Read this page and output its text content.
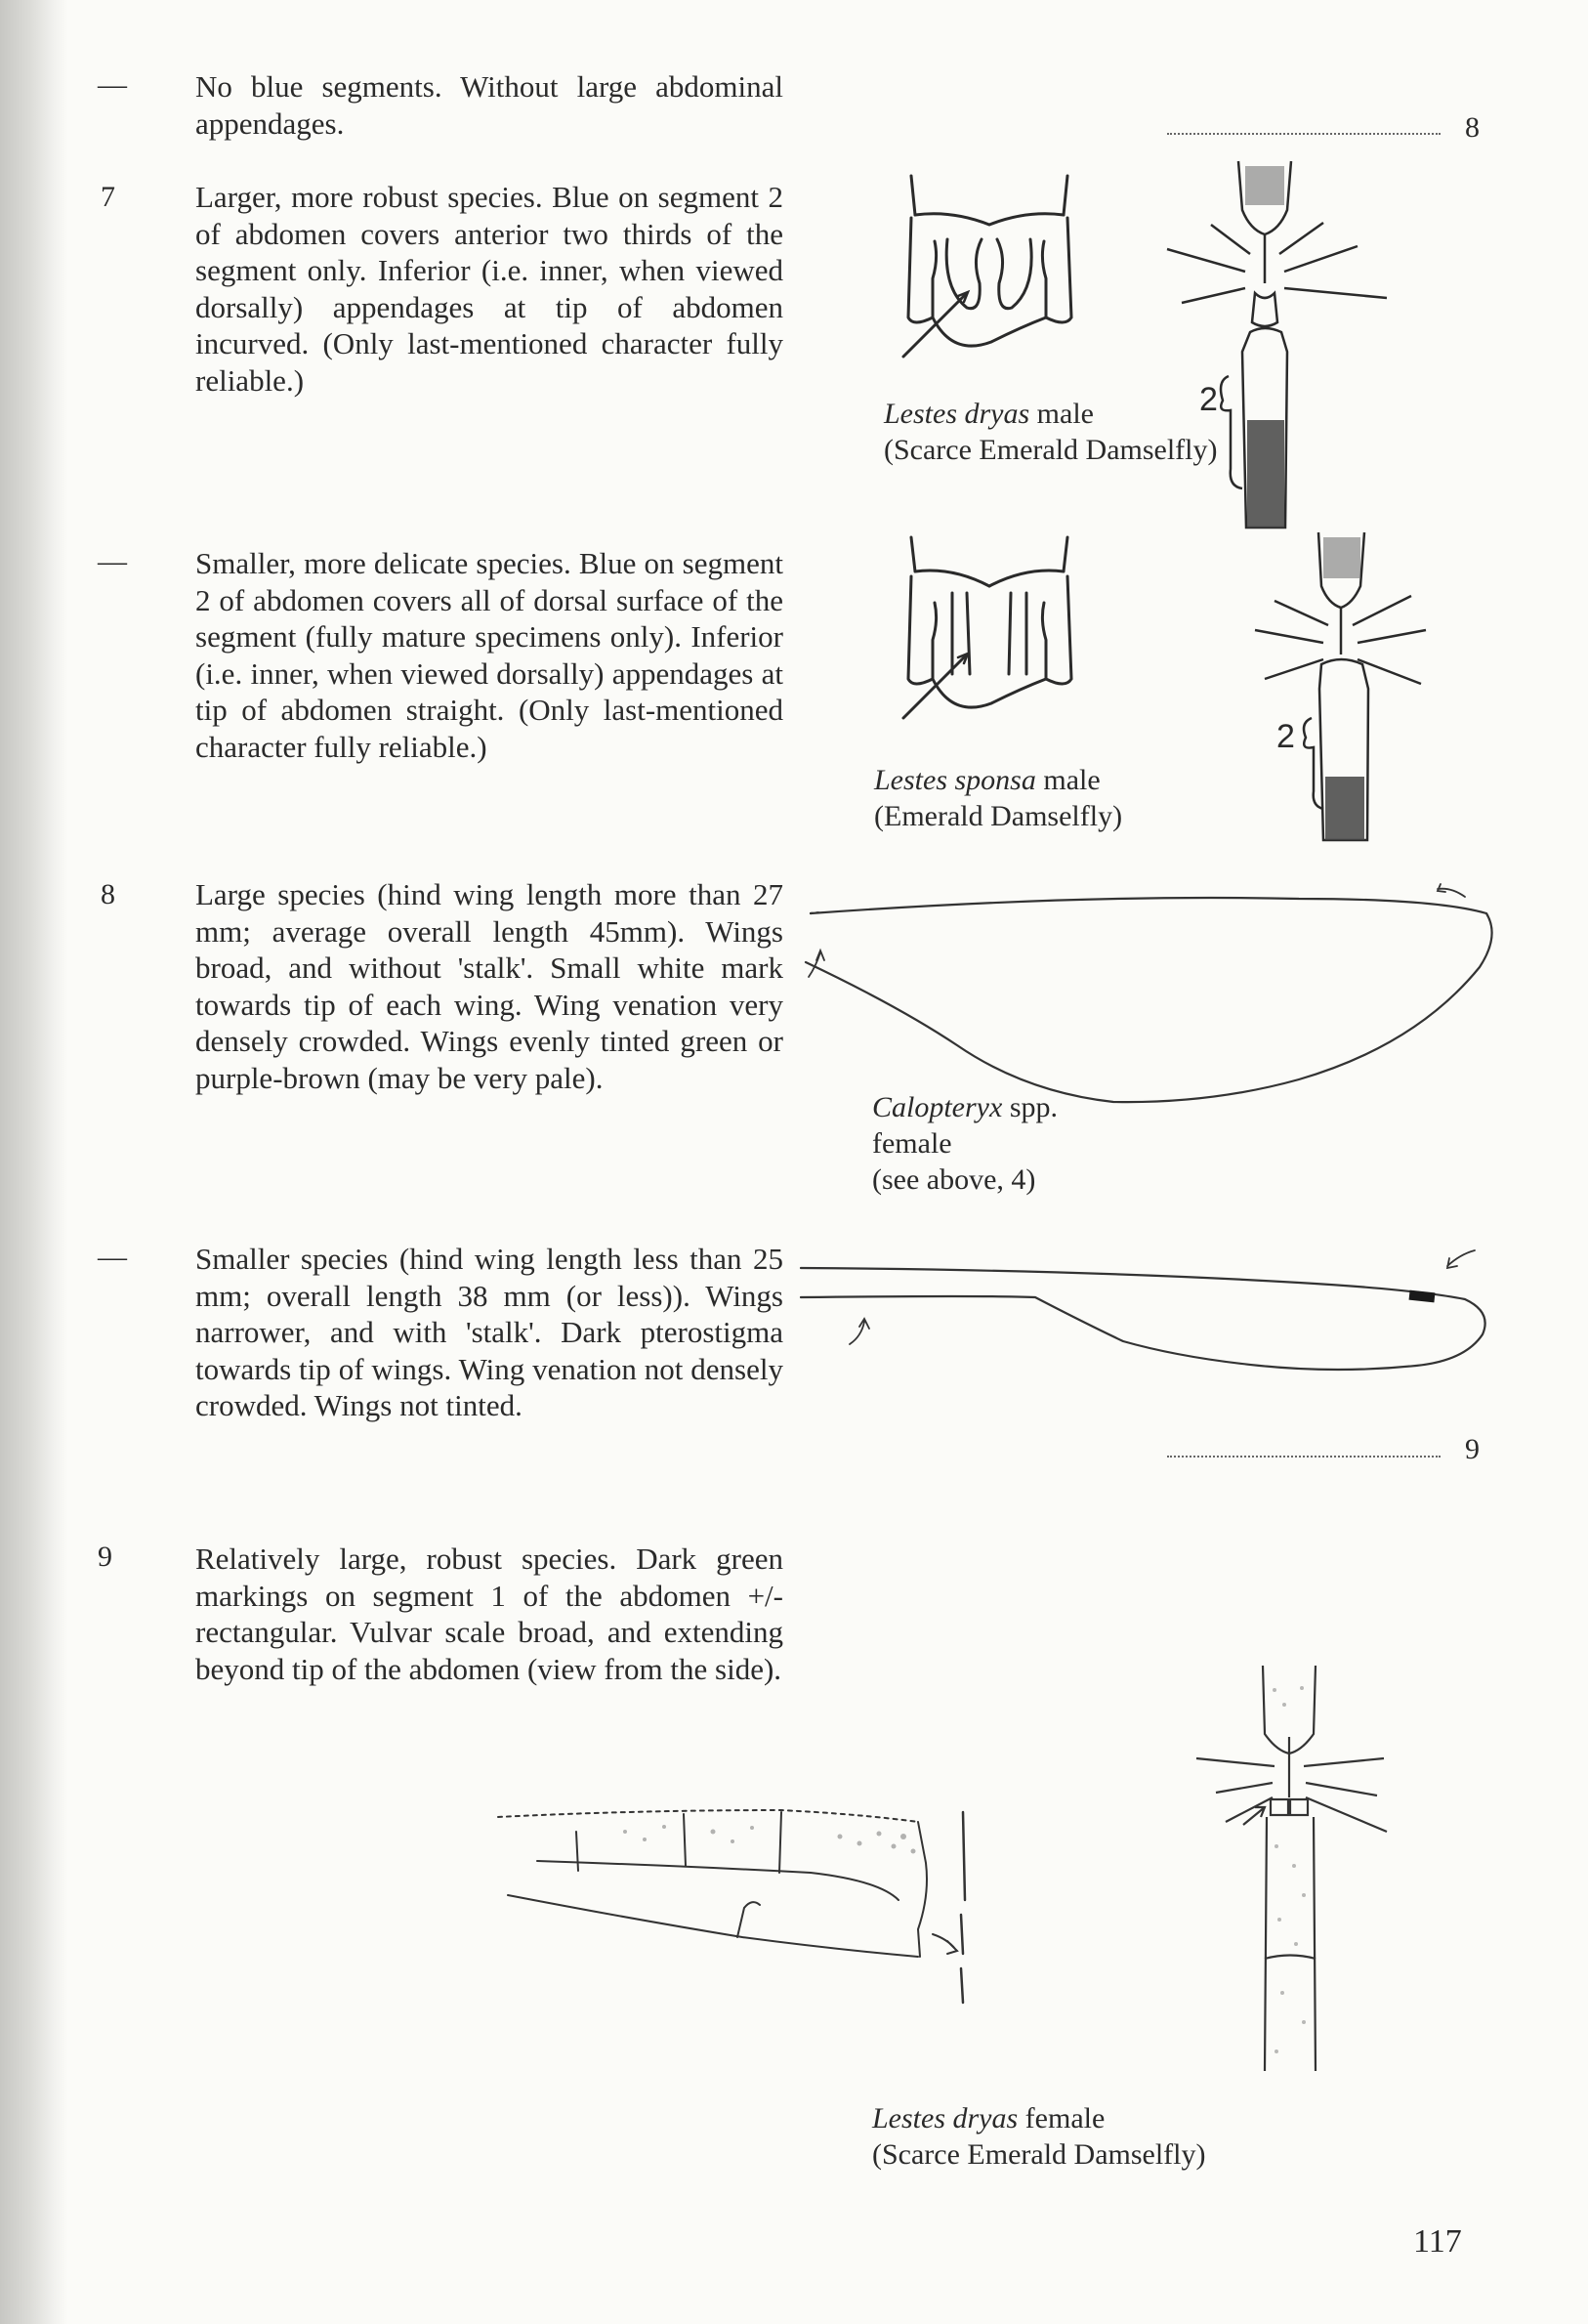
— No blue segments. Without large abdominal appendages.	8
7	Larger, more robust species. Blue on segment 2 of abdomen covers anterior two thirds of the segment only. Inferior (i.e. inner, when viewed dorsally) appendages at tip of abdomen incurved. (Only last-mentioned character fully reliable.)

Lestes dryas male
(Scarce Emerald Damselfly)
2
— Smaller, more delicate species. Blue on segment 2 of abdomen covers all of dorsal surface of the segment (fully mature specimens only). Inferior (i.e. inner, when viewed dorsally) appendages at tip of abdomen straight. (Only last-mentioned character fully reliable.)

Lestes sponsa male
(Emerald Damselfly)
2
8	Large species (hind wing length more than 27 mm; average overall length 45mm). Wings broad, and without 'stalk'. Small white mark towards tip of each wing. Wing venation very densely crowded. Wings evenly tinted green or purple-brown (may be very pale).

Calopteryx spp.
female
(see above, 4)
— Smaller species (hind wing length less than 25 mm; overall length 38 mm (or less)). Wings narrower, and with 'stalk'. Dark pterostigma towards tip of wings. Wing venation not densely crowded. Wings not tinted.

9
9	Relatively large, robust species. Dark green markings on segment 1 of the abdomen +/- rectangular. Vulvar scale broad, and extending beyond tip of the abdomen (view from the side).

Lestes dryas female
(Scarce Emerald Damselfly)
117
